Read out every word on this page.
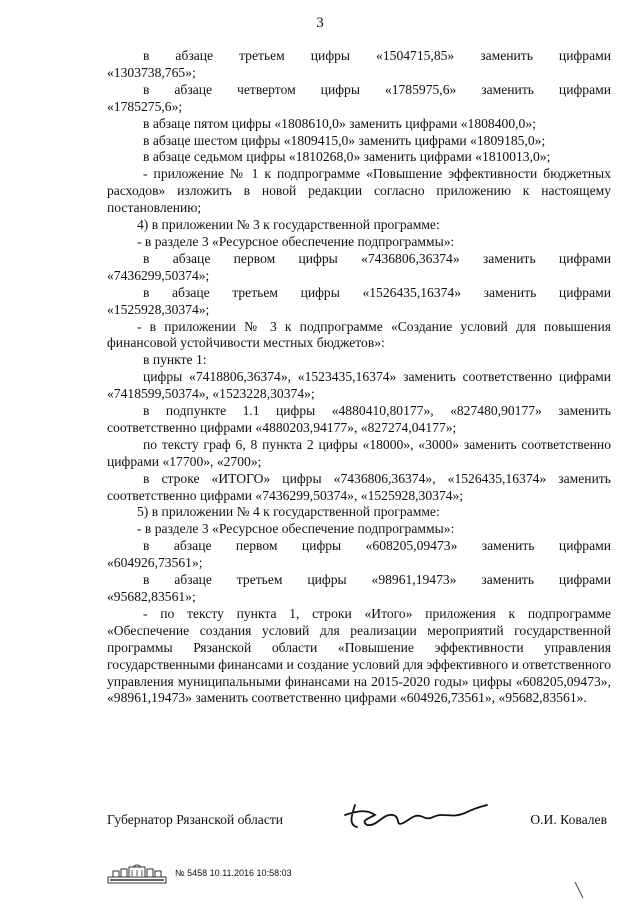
3

в абзаце третьем цифры «1504715,85» заменить цифрами

«1303738,765»;

в абзаце четвертом цифры «1785975,6» заменить цифрами

«1785275,6»;

в абзаце пятом цифры «1808610,0» заменить цифрами «1808400,0»;

в абзаце шестом цифры «1809415,0» заменить цифрами «1809185,0»;

в абзаце седьмом цифры «1810268,0» заменить цифрами «1810013,0»;

- приложение № 1 к подпрограмме «Повышение эффективности бюджетных расходов» изложить в новой редакции согласно приложению к настоящему постановлению;

4) в приложении № 3 к государственной программе:

- в разделе 3 «Ресурсное обеспечение подпрограммы»:

в абзаце первом цифры «7436806,36374» заменить цифрами

«7436299,50374»;

в абзаце третьем цифры «1526435,16374» заменить цифрами

«1525928,30374»;

- в приложении № 3 к подпрограмме «Создание условий для повышения финансовой устойчивости местных бюджетов»:

в пункте 1:

цифры «7418806,36374», «1523435,16374» заменить соответственно цифрами «7418599,50374», «1523228,30374»;

в подпункте 1.1 цифры «4880410,80177», «827480,90177» заменить соответственно цифрами «4880203,94177», «827274,04177»;

по тексту граф 6, 8 пункта 2 цифры «18000», «3000» заменить соответственно цифрами «17700», «2700»;

в строке «ИТОГО» цифры «7436806,36374», «1526435,16374» заменить соответственно цифрами «7436299,50374», «1525928,30374»;

5) в приложении № 4 к государственной программе:

- в разделе 3 «Ресурсное обеспечение подпрограммы»:

в абзаце первом цифры «608205,09473» заменить цифрами

«604926,73561»;

в абзаце третьем цифры «98961,19473» заменить цифрами

«95682,83561»;

- по тексту пункта 1, строки «Итого» приложения к подпрограмме «Обеспечение создания условий для реализации мероприятий государственной программы Рязанской области «Повышение эффективности управления государственными финансами и создание условий для эффективного и ответственного управления муниципальными финансами на 2015-2020 годы» цифры «608205,09473», «98961,19473» заменить соответственно цифрами «604926,73561», «95682,83561».

Губернатор Рязанской области	О.И. Ковалев
№ 5458 10.11.2016 10:58:03
